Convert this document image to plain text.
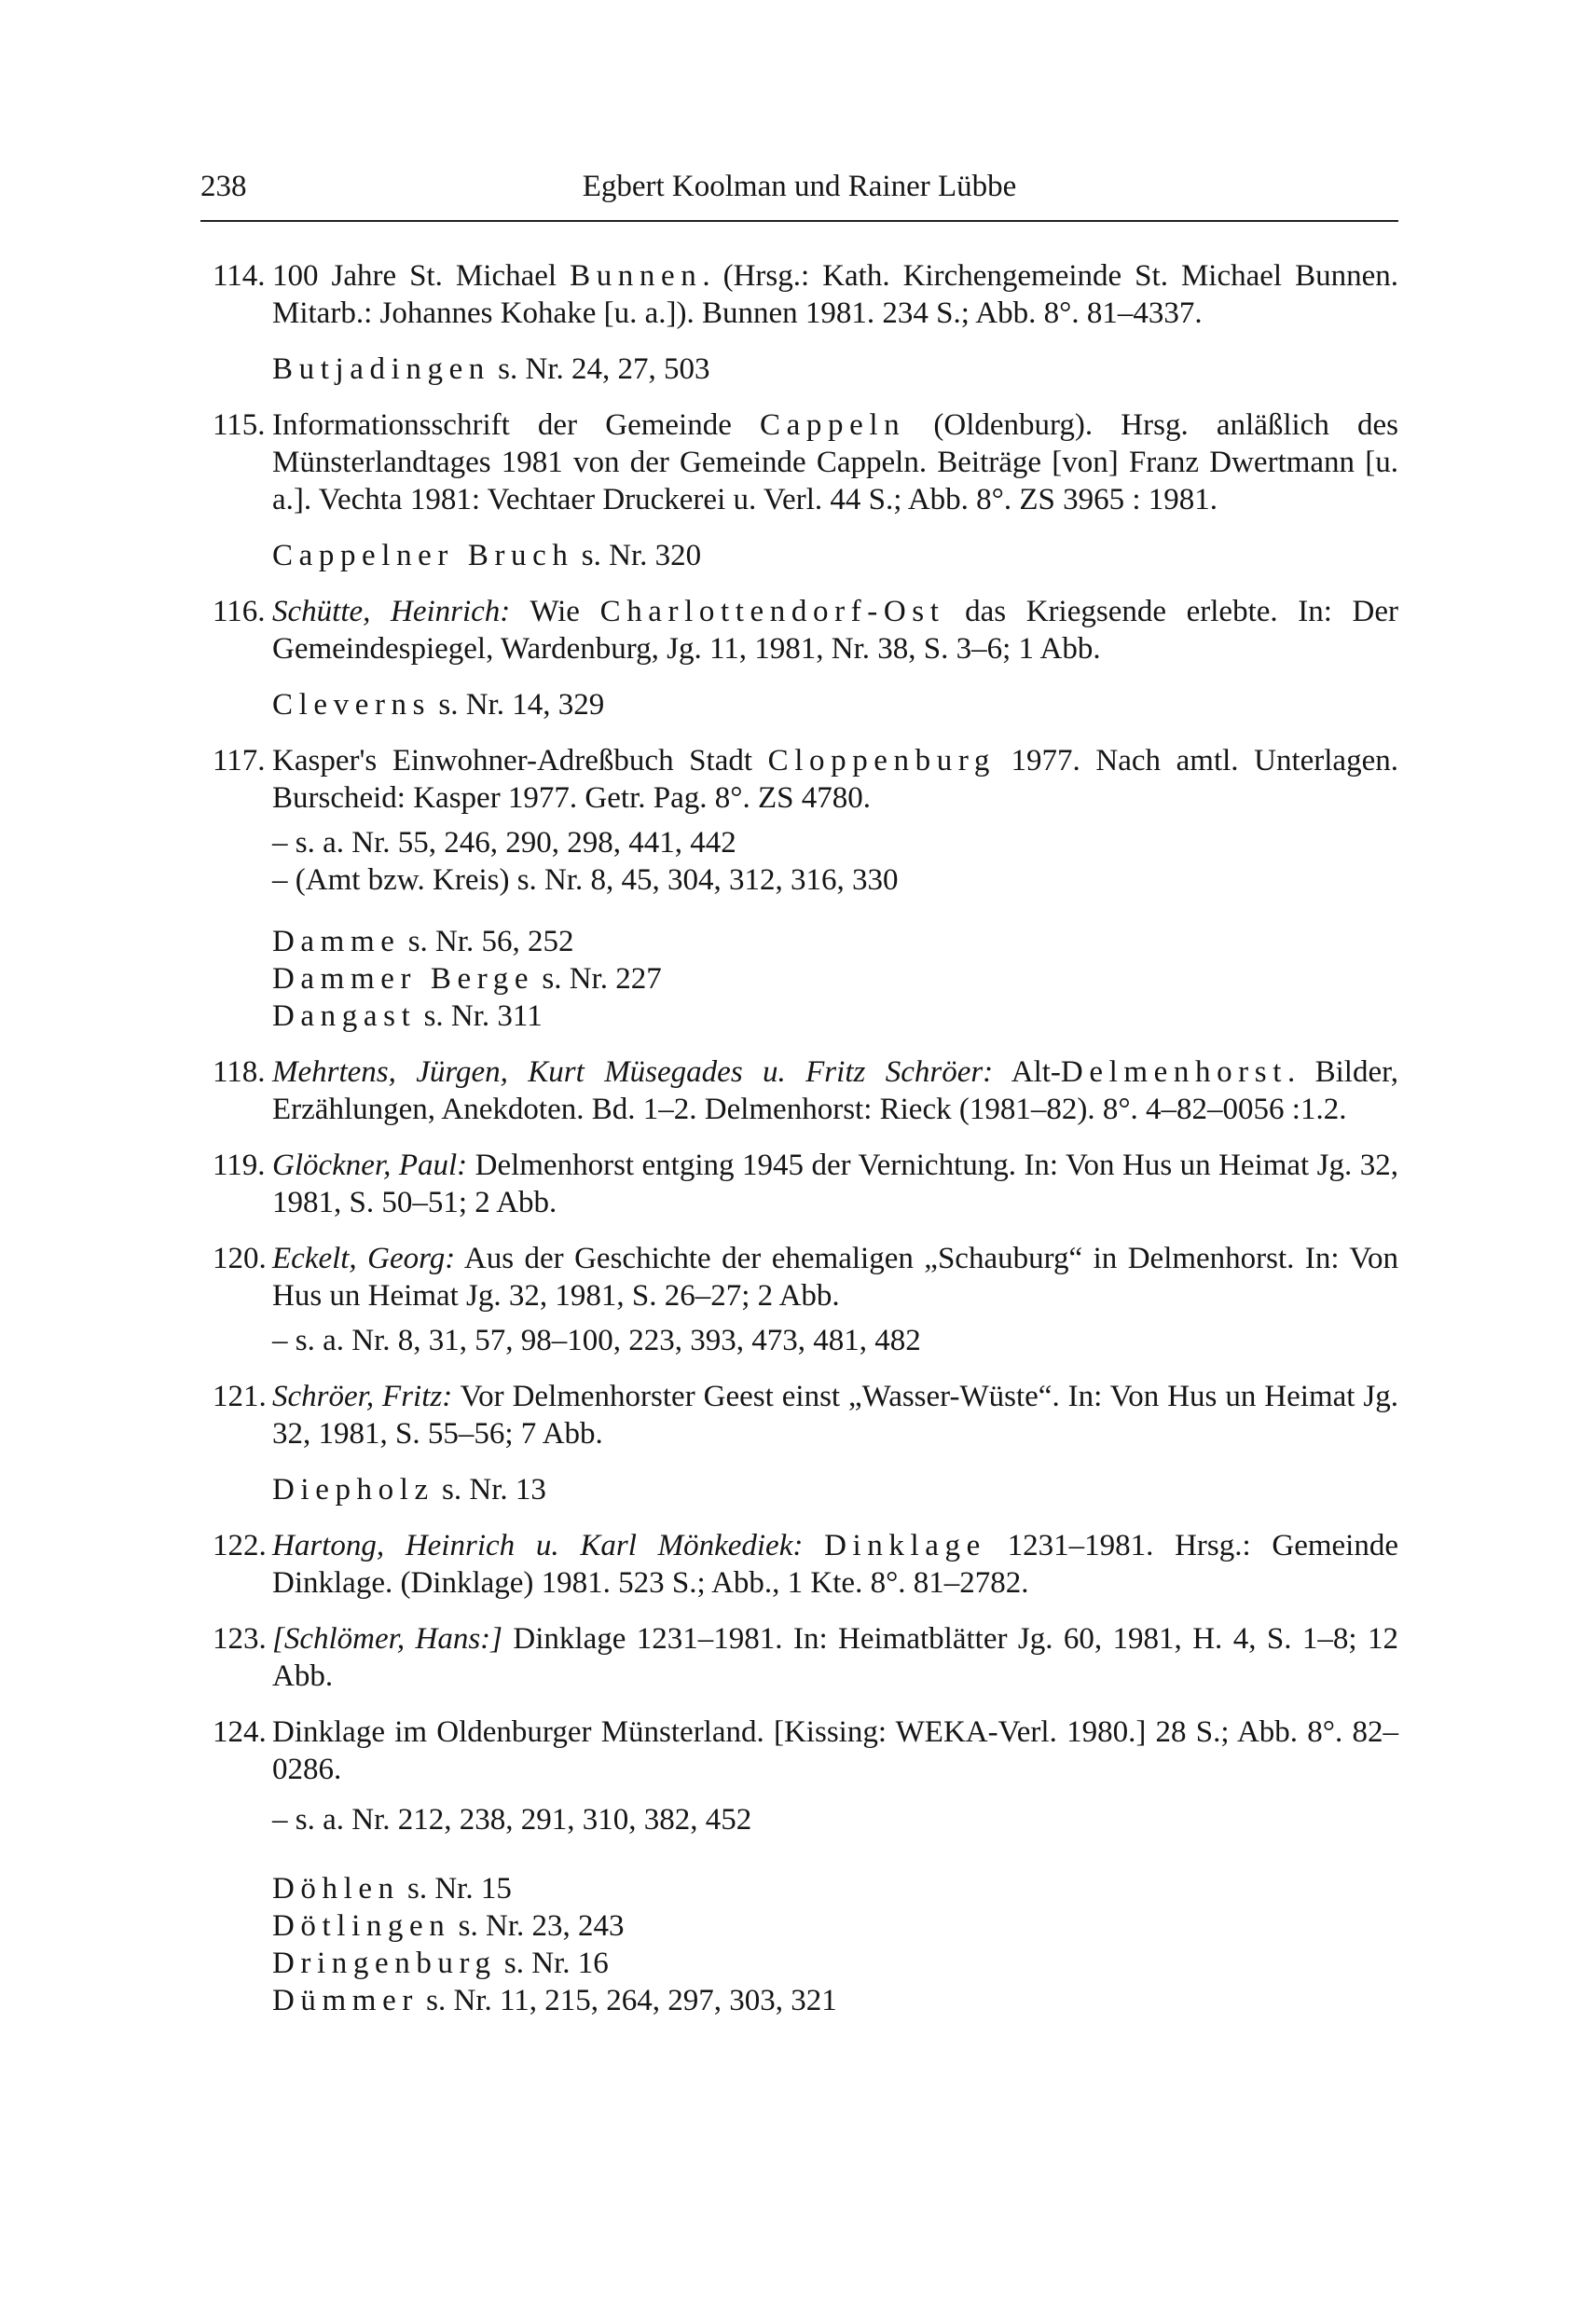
238	Egbert Koolman und Rainer Lübbe
114. 100 Jahre St. Michael Bunnen. (Hrsg.: Kath. Kirchengemeinde St. Michael Bunnen. Mitarb.: Johannes Kohake [u. a.]). Bunnen 1981. 234 S.; Abb. 8°. 81–4337.
Butjadingen s. Nr. 24, 27, 503
115. Informationsschrift der Gemeinde Cappeln (Oldenburg). Hrsg. anläßlich des Münsterlandtages 1981 von der Gemeinde Cappeln. Beiträge [von] Franz Dwertmann [u. a.]. Vechta 1981: Vechtaer Druckerei u. Verl. 44 S.; Abb. 8°. ZS 3965 : 1981.
Cappelner Bruch s. Nr. 320
116. Schütte, Heinrich: Wie Charlottendorf-Ost das Kriegsende erlebte. In: Der Gemeindespiegel, Wardenburg, Jg. 11, 1981, Nr. 38, S. 3–6; 1 Abb.
Cleverns s. Nr. 14, 329
117. Kasper's Einwohner-Adreßbuch Stadt Cloppenburg 1977. Nach amtl. Unterlagen. Burscheid: Kasper 1977. Getr. Pag. 8°. ZS 4780.
– s. a. Nr. 55, 246, 290, 298, 441, 442
– (Amt bzw. Kreis) s. Nr. 8, 45, 304, 312, 316, 330
Damme s. Nr. 56, 252
Dammer Berge s. Nr. 227
Dangast s. Nr. 311
118. Mehrtens, Jürgen, Kurt Müsegades u. Fritz Schröer: Alt-Delmenhorst. Bilder, Erzählungen, Anekdoten. Bd. 1–2. Delmenhorst: Rieck (1981–82). 8°. 4–82–0056 :1.2.
119. Glöckner, Paul: Delmenhorst entging 1945 der Vernichtung. In: Von Hus un Heimat Jg. 32, 1981, S. 50–51; 2 Abb.
120. Eckelt, Georg: Aus der Geschichte der ehemaligen „Schauburg“ in Delmenhorst. In: Von Hus un Heimat Jg. 32, 1981, S. 26–27; 2 Abb.
– s. a. Nr. 8, 31, 57, 98–100, 223, 393, 473, 481, 482
121. Schröer, Fritz: Vor Delmenhorster Geest einst „Wasser-Wüste“. In: Von Hus un Heimat Jg. 32, 1981, S. 55–56; 7 Abb.
Diepholz s. Nr. 13
122. Hartong, Heinrich u. Karl Mönkediek: Dinklage 1231–1981. Hrsg.: Gemeinde Dinklage. (Dinklage) 1981. 523 S.; Abb., 1 Kte. 8°. 81–2782.
123. [Schlömer, Hans:] Dinklage 1231–1981. In: Heimatblätter Jg. 60, 1981, H. 4, S. 1–8; 12 Abb.
124. Dinklage im Oldenburger Münsterland. [Kissing: WEKA-Verl. 1980.] 28 S.; Abb. 8°. 82–0286.
– s. a. Nr. 212, 238, 291, 310, 382, 452
Döhlen s. Nr. 15
Dötlingen s. Nr. 23, 243
Dringenburg s. Nr. 16
Dümmer s. Nr. 11, 215, 264, 297, 303, 321
